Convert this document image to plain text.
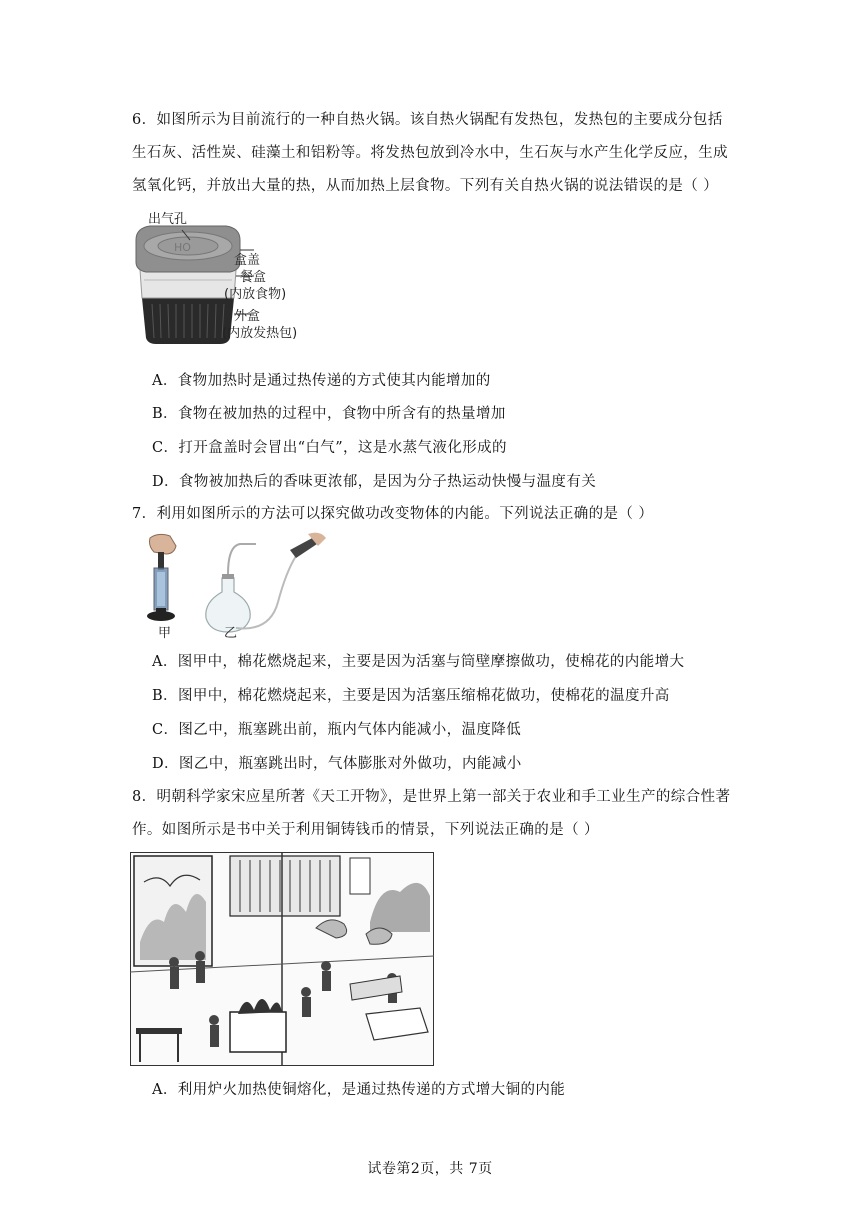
6．如图所示为目前流行的一种自热火锅。该自热火锅配有发热包，发热包的主要成分包括生石灰、活性炭、硅藻土和铝粉等。将发热包放到冷水中，生石灰与水产生化学反应，生成氢氧化钙，并放出大量的热，从而加热上层食物。下列有关自热火锅的说法错误的是（ ）
HO
出气孔
盒盖
餐盒
(内放食物)
外盒
(内放发热包)
A．食物加热时是通过热传递的方式使其内能增加的
B．食物在被加热的过程中，食物中所含有的热量增加
C．打开盒盖时会冒出“白气”，这是水蒸气液化形成的
D．食物被加热后的香味更浓郁，是因为分子热运动快慢与温度有关
7．利用如图所示的方法可以探究做功改变物体的内能。下列说法正确的是（ ）
甲	乙
A．图甲中，棉花燃烧起来，主要是因为活塞与筒壁摩擦做功，使棉花的内能增大
B．图甲中，棉花燃烧起来，主要是因为活塞压缩棉花做功，使棉花的温度升高
C．图乙中，瓶塞跳出前，瓶内气体内能减小，温度降低
D．图乙中，瓶塞跳出时，气体膨胀对外做功，内能减小
8．明朝科学家宋应星所著《天工开物》，是世界上第一部关于农业和手工业生产的综合性著作。如图所示是书中关于利用铜铸钱币的情景，下列说法正确的是（ ）
A．利用炉火加热使铜熔化，是通过热传递的方式增大铜的内能
试卷第2页，共 7页
